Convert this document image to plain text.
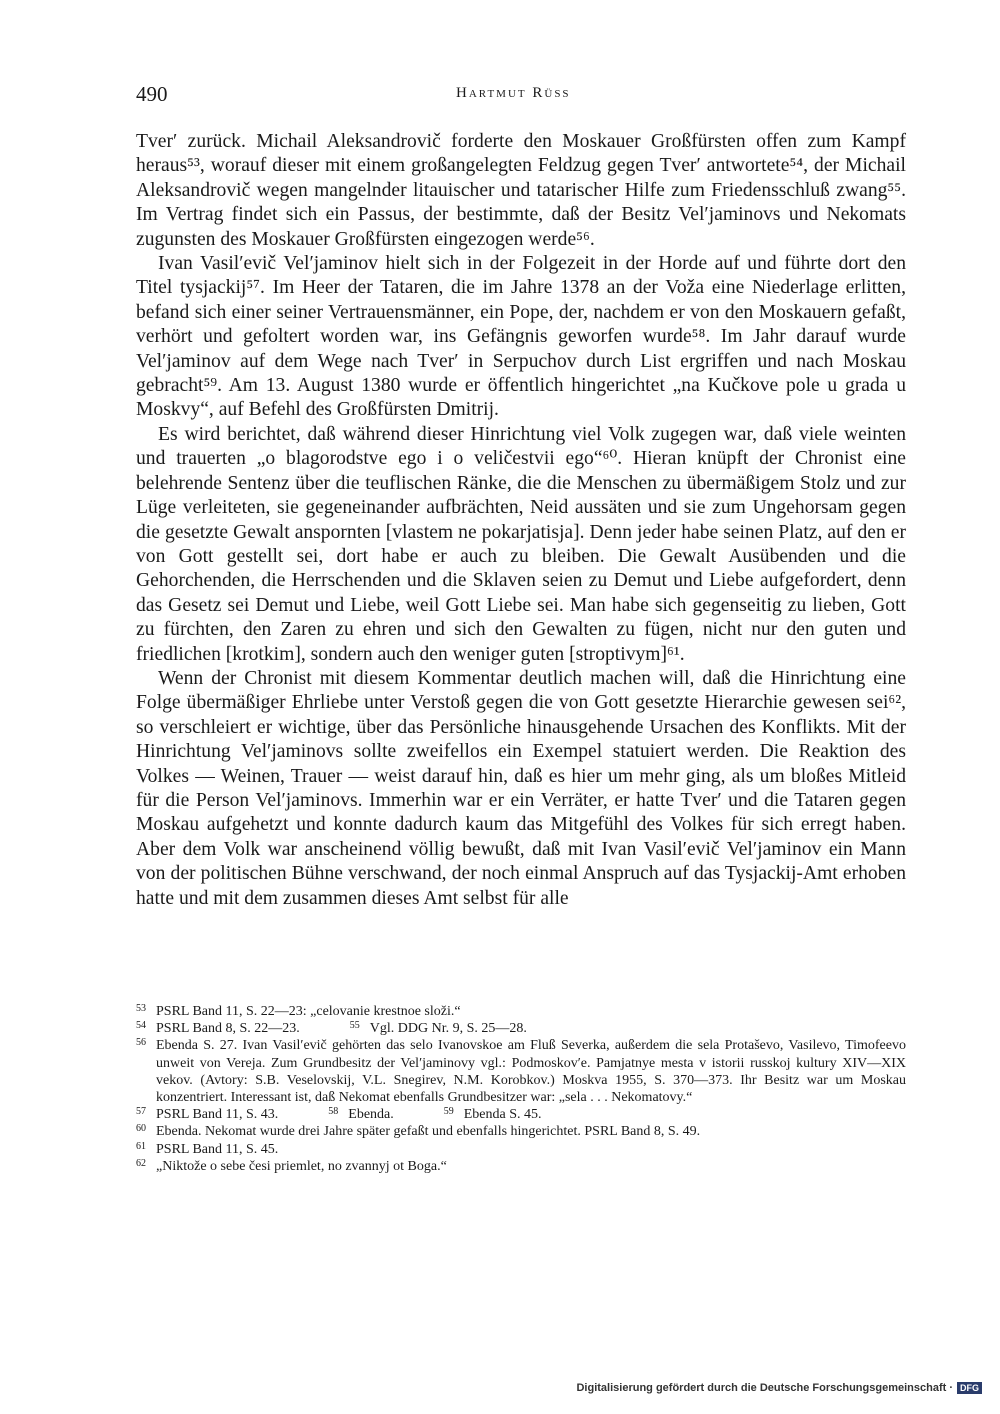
490	Hartmut Rüss

Tver′ zurück. Michail Aleksandrovič forderte den Moskauer Großfürsten offen zum Kampf heraus⁵³, worauf dieser mit einem großangelegten Feldzug gegen Tver′ antwortete⁵⁴, der Michail Aleksandrovič wegen mangelnder litauischer und tatarischer Hilfe zum Friedensschluß zwang⁵⁵. Im Vertrag findet sich ein Passus, der bestimmte, daß der Besitz Vel′jaminovs und Nekomats zugunsten des Moskauer Großfürsten eingezogen werde⁵⁶.

Ivan Vasil′evič Vel′jaminov hielt sich in der Folgezeit in der Horde auf und führte dort den Titel tysjackij⁵⁷. Im Heer der Tataren, die im Jahre 1378 an der Voža eine Niederlage erlitten, befand sich einer seiner Vertrauensmänner, ein Pope, der, nachdem er von den Moskauern gefaßt, verhört und gefoltert worden war, ins Gefängnis geworfen wurde⁵⁸. Im Jahr darauf wurde Vel′jaminov auf dem Wege nach Tver′ in Serpuchov durch List ergriffen und nach Moskau gebracht⁵⁹. Am 13. August 1380 wurde er öffentlich hingerichtet „na Kučkove pole u grada u Moskvy“, auf Befehl des Großfürsten Dmitrij.

Es wird berichtet, daß während dieser Hinrichtung viel Volk zugegen war, daß viele weinten und trauerten „o blagorodstve ego i o veličestvii ego“⁶⁰. Hieran knüpft der Chronist eine belehrende Sentenz über die teuflischen Ränke, die die Menschen zu übermäßigem Stolz und zur Lüge verleiteten, sie gegeneinander aufbrächten, Neid aussäten und sie zum Ungehorsam gegen die gesetzte Gewalt anspornten [vlastem ne pokarjatisja]. Denn jeder habe seinen Platz, auf den er von Gott gestellt sei, dort habe er auch zu bleiben. Die Gewalt Ausübenden und die Gehorchenden, die Herrschenden und die Sklaven seien zu Demut und Liebe aufgefordert, denn das Gesetz sei Demut und Liebe, weil Gott Liebe sei. Man habe sich gegenseitig zu lieben, Gott zu fürchten, den Zaren zu ehren und sich den Gewalten zu fügen, nicht nur den guten und friedlichen [krotkim], sondern auch den weniger guten [stroptivym]⁶¹.

Wenn der Chronist mit diesem Kommentar deutlich machen will, daß die Hinrichtung eine Folge übermäßiger Ehrliebe unter Verstoß gegen die von Gott gesetzte Hierarchie gewesen sei⁶², so verschleiert er wichtige, über das Persönliche hinausgehende Ursachen des Konflikts. Mit der Hinrichtung Vel′jaminovs sollte zweifellos ein Exempel statuiert werden. Die Reaktion des Volkes — Weinen, Trauer — weist darauf hin, daß es hier um mehr ging, als um bloßes Mitleid für die Person Vel′jaminovs. Immerhin war er ein Verräter, er hatte Tver′ und die Tataren gegen Moskau aufgehetzt und konnte dadurch kaum das Mitgefühl des Volkes für sich erregt haben. Aber dem Volk war anscheinend völlig bewußt, daß mit Ivan Vasil′evič Vel′jaminov ein Mann von der politischen Bühne verschwand, der noch einmal Anspruch auf das Tysjackij-Amt erhoben hatte und mit dem zusammen dieses Amt selbst für alle

53 PSRL Band 11, S. 22—23: „celovanie krestnoe složi.“

54 PSRL Band 8, S. 22—23.	55 Vgl. DDG Nr. 9, S. 25—28.

56 Ebenda S. 27. Ivan Vasil′evič gehörten das selo Ivanovskoe am Fluß Severka, außerdem die sela Protaševo, Vasilevo, Timofeevo unweit von Vereja. Zum Grundbesitz der Vel′jaminovy vgl.: Podmoskov′e. Pamjatnye mesta v istorii russkoj kultury XIV—XIX vekov. (Avtory: S.B. Veselovskij, V.L. Snegirev, N.M. Korobkov.) Moskva 1955, S. 370—373. Ihr Besitz war um Moskau konzentriert. Interessant ist, daß Nekomat ebenfalls Grundbesitzer war: „sela . . . Nekomatovy.“

57 PSRL Band 11, S. 43.	58 Ebenda.	59 Ebenda S. 45.

60 Ebenda. Nekomat wurde drei Jahre später gefaßt und ebenfalls hingerichtet. PSRL Band 8, S. 49.

61 PSRL Band 11, S. 45.

62 „Niktože o sebe česi priemlet, no zvannyj ot Boga.“

Digitalisierung gefördert durch die Deutsche Forschungsgemeinschaft · DFG
